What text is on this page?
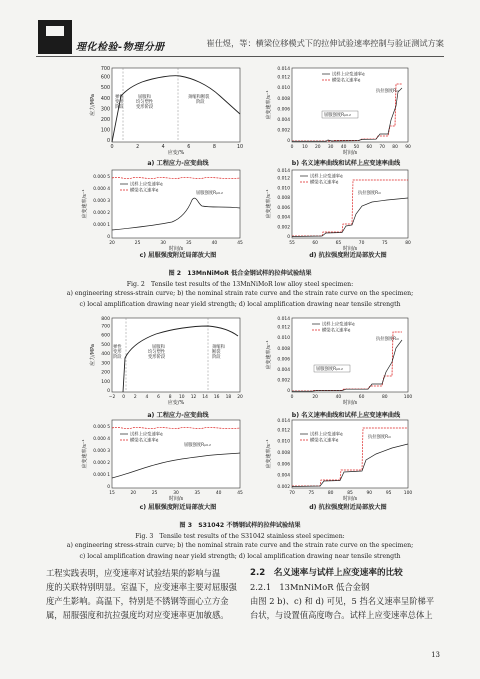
理化检验-物理分册	崔仕煜，等：横梁位移模式下的拉伸试验速率控制与验证测试方案
0
100
200
300
400
500
600
700
0	2	4	6	8	10
应变/%
应力/MPa	弹性
变形
阶段
屈服和
均匀塑性
变形阶段
颈缩和断裂
阶段
0
0.002
0.004
0.006
0.008
0.010
0.012
0.014
0 10 20 30 40 50 60 70 80 90
时间/s
应变速率/s⁻¹
试样上应变速率ė
横梁名义速率ė
抗拉强度Rm
屈服强度Rp0.2
0
0.000 1
0.000 2
0.000 3
0.000 4
0.000 5
20	25	30	35	40	45
时间/s
应变速率/s⁻¹
试样上应变速率ė
横梁名义速率ė	屈服强度Rp0.2
0
0.002
0.004
0.006
0.008
0.010
0.012
0.014
55	60	65	70	75	80
时间/s
应变速率/s⁻¹
试样上应变速率ė
横梁名义速率ė
抗拉强度Rm
a) 工程应力-应变曲线	b) 名义速率曲线和试样上应变速率曲线
c) 屈服强度附近局部放大图	d) 抗拉强度附近局部放大图
图 2　13MnNiMoR 低合金钢试样的拉伸试验结果
Fig. 2　Tensile test results of the 13MnNiMoR low alloy steel specimen:
a) engineering stress-strain curve; b) the nominal strain rate curve and the strain rate curve on the specimen;
c) local amplification drawing near yield strength; d) local amplification drawing near tensile strength
0
100
200
300
400
500
600
700
800
−2 0 2 4 6 8 10 12 14 16 18 20
应变/%
应力/MPa	弹性
变形
阶段
屈服和
均匀塑性
变形阶段
颈缩和
断裂
阶段
0
0.002
0.004
0.006
0.008
0.010
0.012
0.014
0	20	40	60	80	100
时间/s
应变速率/s⁻¹
试样上应变速率ė
横梁名义速率ė
抗拉强度Rm
屈服强度Rp0.2
0
0.000 1
0.000 2
0.000 3
0.000 4
0.000 5
15	20	25	30	35	40	45
时间/s
应变速率/s⁻¹
试样上应变速率ė
横梁名义速率ė
屈服强度Rp0.2
0.002
0.004
0.006
0.008
0.010
0.012
0.014
70	75	80	85	90	95	100
时间/s
应变速率/s⁻¹
试样上应变速率ė
横梁名义速率ė
抗拉强度Rm
a) 工程应力-应变曲线	b) 名义速率曲线和试样上应变速率曲线
c) 屈服强度附近局部放大图	d) 抗拉强度附近局部放大图
图 3　S31042 不锈钢试样的拉伸试验结果
Fig. 3　Tensile test results of the S31042 stainless steel specimen:
a) engineering stress-strain curve; b) the nominal strain rate curve and the strain rate curve on the specimen;
c) local amplification drawing near yield strength; d) local amplification drawing near tensile strength
工程实践表明，应变速率对试验结果的影响与温
度的关联特别明显。室温下，应变速率主要对屈服强
度产生影响。高温下，特别是不锈钢等面心立方金
属，屈服强度和抗拉强度均对应变速率更加敏感。
2.2　名义速率与试样上应变速率的比较
2.2.1　13MnNiMoR 低合金钢
由图 2 b)、c) 和 d) 可见，5 挡名义速率呈阶梯平
台状，与设置值高度吻合。试样上应变速率总体上
13
